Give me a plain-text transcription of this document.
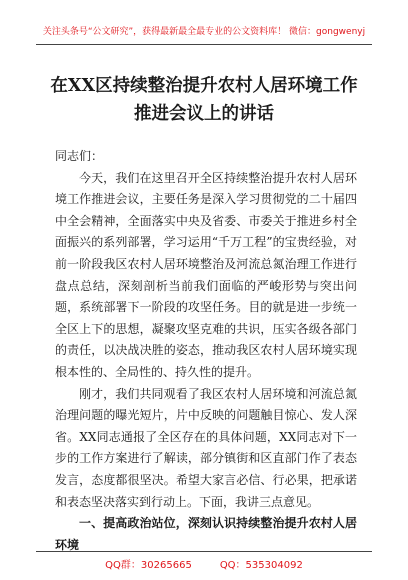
关注头条号“公文研究”，获得最新最全最专业的公文资料库！ 微信：gongwenyj
在XX区持续整治提升农村人居环境工作
推进会议上的讲话

同志们：

今天，我们在这里召开全区持续整治提升农村人居环境工作推进会议，主要任务是深入学习贯彻党的二十届四中全会精神，全面落实中央及省委、市委关于推进乡村全面振兴的系列部署，学习运用“千万工程”的宝贵经验，对前一阶段我区农村人居环境整治及河流总氮治理工作进行盘点总结，深刻剖析当前我们面临的严峻形势与突出问题，系统部署下一阶段的攻坚任务。目的就是进一步统一全区上下的思想，凝聚攻坚克难的共识，压实各级各部门的责任，以决战决胜的姿态，推动我区农村人居环境实现根本性的、全局性的、持久性的提升。

刚才，我们共同观看了我区农村人居环境和河流总氮治理问题的曝光短片，片中反映的问题触目惊心、发人深省。XX同志通报了全区存在的具体问题，XX同志对下一步的工作方案进行了解读，部分镇街和区直部门作了表态发言，态度都很坚决。希望大家言必信、行必果，把承诺和表态坚决落实到行动上。下面，我讲三点意见。

一、提高政治站位，深刻认识持续整治提升农村人居环境

QQ群：30265665	QQ：535304092
